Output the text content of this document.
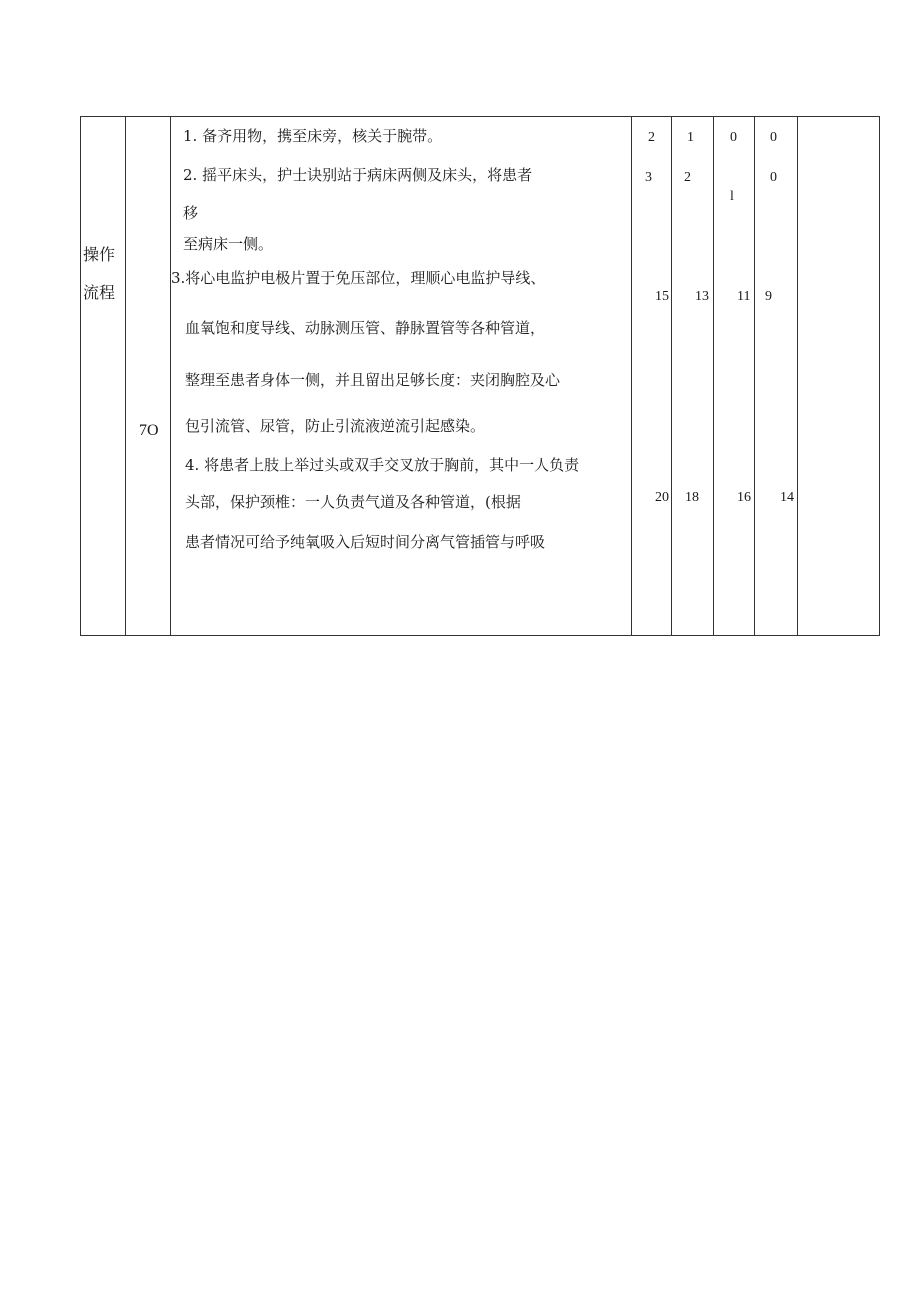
操作
流程
7O
1. 备齐用物，携至床旁，核关于腕带。
2. 摇平床头，护士诀别站于病床两侧及床头，将患者
移
至病床一侧。
3.将心电监护电极片置于免压部位，理顺心电监护导线、
血氧饱和度导线、动脉测压管、静脉置管等各种管道，
整理至患者身体一侧，并且留出足够长度：夹闭胸腔及心
包引流管、尿管，防止引流液逆流引起感染。
4. 将患者上肢上举过头或双手交叉放于胸前，其中一人负责
头部，保护颈椎：一人负责气道及各种管道，(根据
患者情况可给予纯氧吸入后短时间分离气管插管与呼吸
2 1	0 0
3 2
l
0
15 13 11 9
20 18	16 14
